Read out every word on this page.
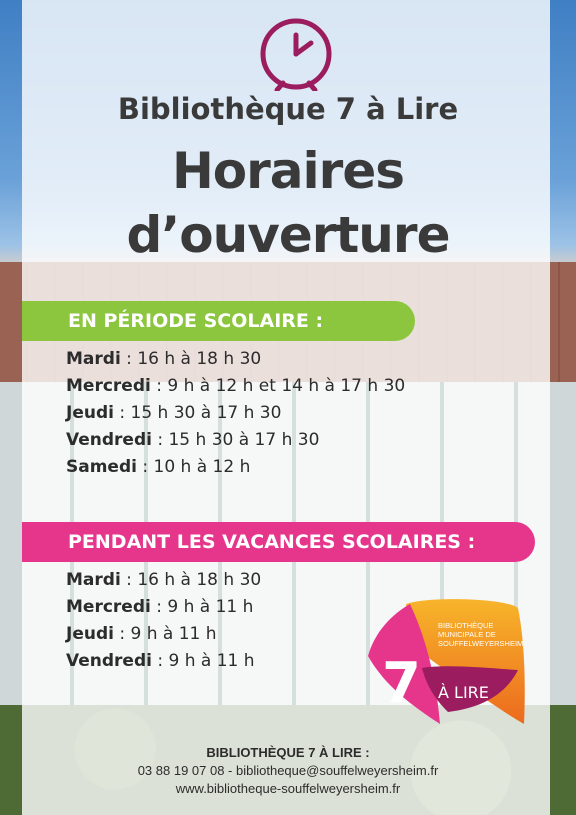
Bibliothèque 7 à Lire
Horaires
d’ouverture
EN PÉRIODE SCOLAIRE :
Mardi : 16 h à 18 h 30
Mercredi : 9 h à 12 h et 14 h à 17 h 30
Jeudi : 15 h 30 à 17 h 30
Vendredi : 15 h 30 à 17 h 30
Samedi : 10 h à 12 h
PENDANT LES VACANCES SCOLAIRES :
Mardi : 16 h à 18 h 30
Mercredi : 9 h à 11 h
Jeudi : 9 h à 11 h
Vendredi : 9 h à 11 h
BIBLIOTHÈQUE
MUNICIPALE DE
SOUFFELWEYERSHEIM
7 À LIRE
BIBLIOTHÈQUE 7 À LIRE :
03 88 19 07 08 - bibliotheque@souffelweyersheim.fr
www.bibliotheque-souffelweyersheim.fr
